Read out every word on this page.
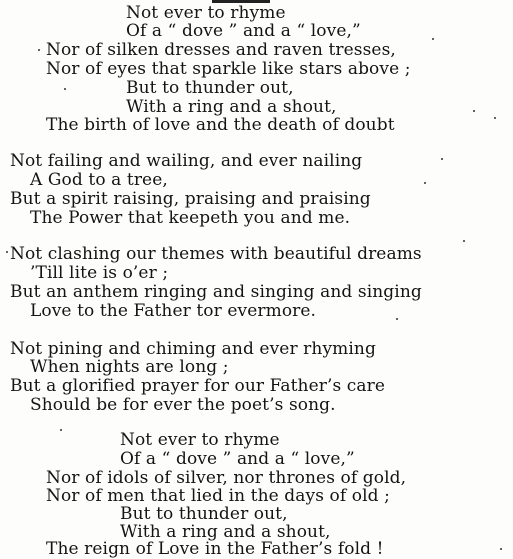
Not ever to rhyme
Of a “ dove ” and a “ love,”
Nor of silken dresses and raven tresses,
Nor of eyes that sparkle like stars above ;
But to thunder out,
With a ring and a shout,
The birth of love and the death of doubt
Not failing and wailing, and ever nailing
A God to a tree,
But a spirit raising, praising and praising
The Power that keepeth you and me.
Not clashing our themes with beautiful dreams
’Till lite is o’er ;
But an anthem ringing and singing and singing
Love to the Father tor evermore.
Not pining and chiming and ever rhyming
When nights are long ;
But a glorified prayer for our Father’s care
Should be for ever the poet’s song.
Not ever to rhyme
Of a “ dove ” and a “ love,”
Nor of idols of silver, nor thrones of gold,
Nor of men that lied in the days of old ;
But to thunder out,
With a ring and a shout,
The reign of Love in the Father’s fold !
